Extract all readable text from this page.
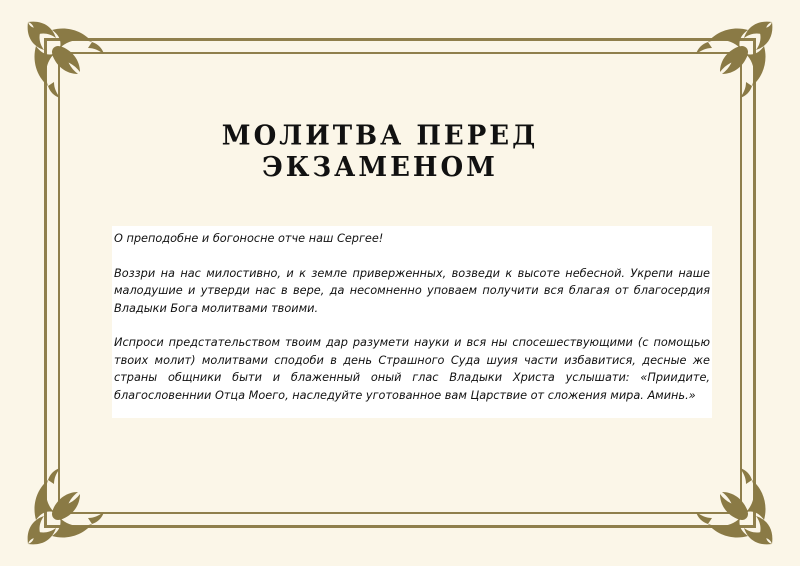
МОЛИТВА ПЕРЕД ЭКЗАМЕНОМ

О преподобне и богоносне отче наш Сергее!

Воззри на нас милостивно, и к земле приверженных, возведи к высоте небесной. Укрепи наше малодушие и утверди нас в вере, да несомненно уповаем получити вся благая от благосердия Владыки Бога молитвами твоими.

Испроси предстательством твоим дар разумети науки и вся ны спосешествующими (с помощью твоих молит) молитвами сподоби в день Страшного Суда шуия части избавитися, десные же страны общники быти и блаженный оный глас Владыки Христа услышати: «Приидите, благословеннии Отца Моего, наследуйте уготованное вам Царствие от сложения мира. Аминь.»
